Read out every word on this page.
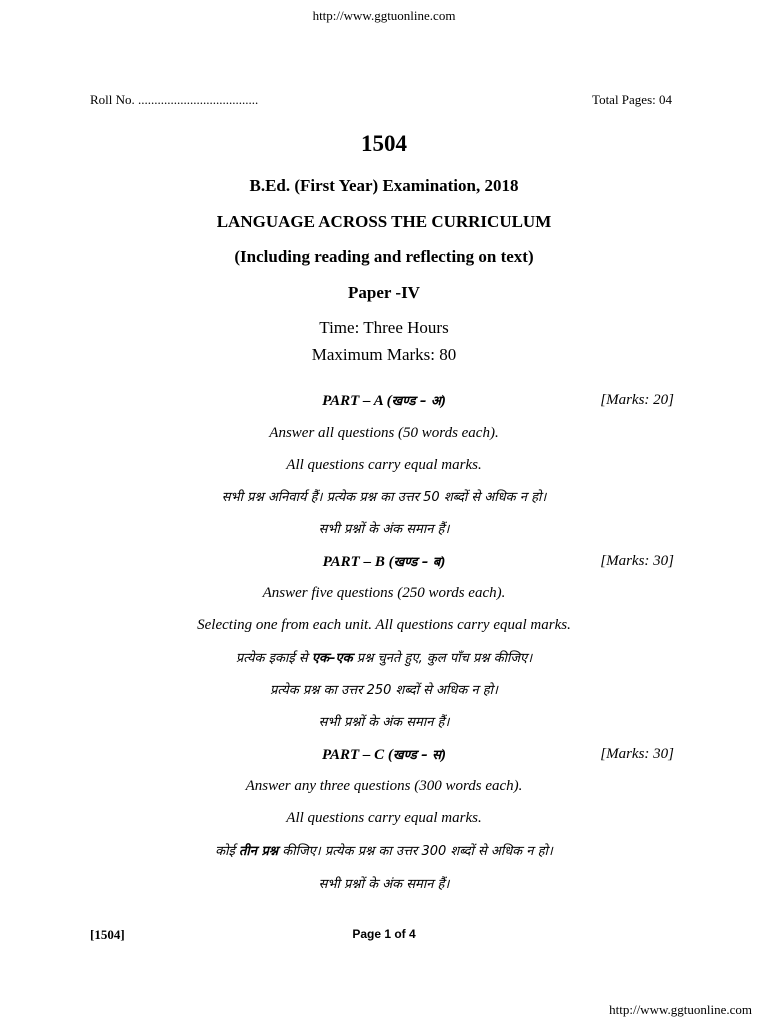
http://www.ggtuonline.com
Roll No. .....................................	Total Pages: 04
1504
B.Ed. (First Year) Examination, 2018
LANGUAGE ACROSS THE CURRICULUM
(Including reading and reflecting on text)
Paper -IV
Time: Three Hours
Maximum Marks: 80
PART – A (खण्ड – अ)	[Marks: 20]
Answer all questions (50 words each).
All questions carry equal marks.
सभी प्रश्न अनिवार्य हैं। प्रत्येक प्रश्न का उत्तर 50 शब्दों से अधिक न हो।
सभी प्रश्नों के अंक समान हैं।
PART – B (खण्ड – ब)	[Marks: 30]
Answer five questions (250 words each).
Selecting one from each unit. All questions carry equal marks.
प्रत्येक इकाई से एक–एक प्रश्न चुनते हुए, कुल पाँच प्रश्न कीजिए।
प्रत्येक प्रश्न का उत्तर 250 शब्दों से अधिक न हो।
सभी प्रश्नों के अंक समान हैं।
PART – C (खण्ड – स)	[Marks: 30]
Answer any three questions (300 words each).
All questions carry equal marks.
कोई तीन प्रश्न कीजिए। प्रत्येक प्रश्न का उत्तर 300 शब्दों से अधिक न हो।
सभी प्रश्नों के अंक समान हैं।
[1504]	Page 1 of 4
http://www.ggtuonline.com
